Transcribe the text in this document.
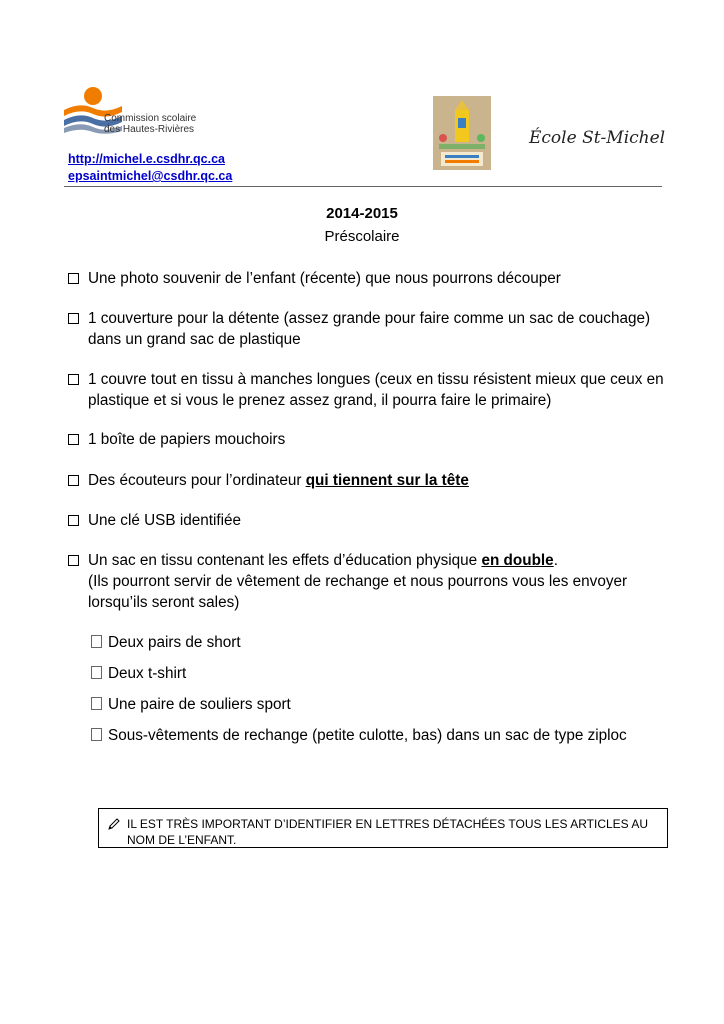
Commission scolaire
des Hautes-Rivières
http://michel.e.csdhr.qc.ca
epsaintmichel@csdhr.qc.ca
École St-Michel
2014-2015
Préscolaire
Une photo souvenir de l’enfant (récente) que nous pourrons découper
1 couverture pour la détente (assez grande pour faire comme un sac de couchage) dans un grand sac de plastique
1 couvre tout en tissu à manches longues (ceux en tissu résistent mieux que ceux en plastique et si vous le prenez assez grand, il pourra faire le primaire)
1 boîte de papiers mouchoirs
Des écouteurs pour l’ordinateur qui tiennent sur la tête
Une clé USB identifiée
Un sac en tissu contenant les effets d’éducation physique en double.
(Ils pourront servir de vêtement de rechange et nous pourrons vous les envoyer lorsqu’ils seront sales)
Deux pairs de short
Deux t-shirt
Une paire de souliers sport
Sous-vêtements de rechange (petite culotte, bas) dans un sac de type ziploc
IL EST TRÈS IMPORTANT D’IDENTIFIER EN LETTRES DÉTACHÉES TOUS LES ARTICLES AU NOM DE L’ENFANT.
